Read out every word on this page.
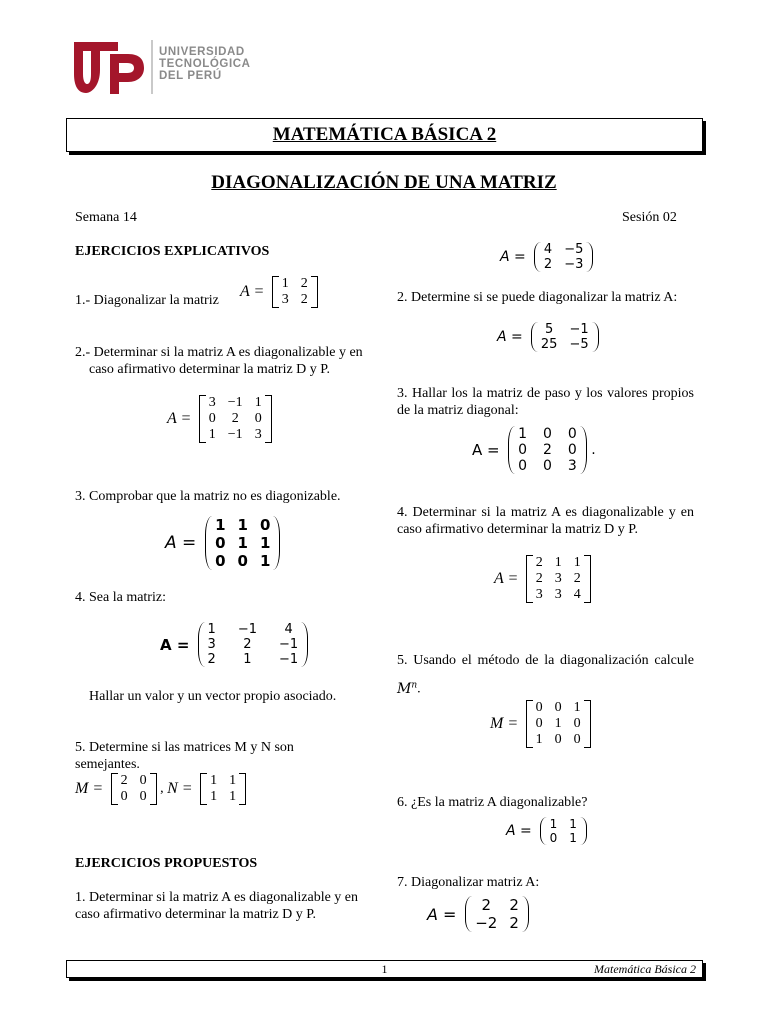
UNIVERSIDAD
TECNOLÓGICA
DEL PERÚ
MATEMÁTICA BÁSICA 2
DIAGONALIZACIÓN DE UNA MATRIZ
Semana 14	Sesión 02
EJERCICIOS EXPLICATIVOS
1.- Diagonalizar la matriz
A = 1 2
3 2
2.- Determinar si la matriz A es diagonalizable y en caso afirmativo determinar la matriz D y P.
A =
3 −1 1
0 2 0
1 −1 3
3. Comprobar que la matriz no es diagonizable.
A =
1 1 0
0 1 1
0 0 1
4. Sea la matriz:
A =
1 −1	4
3	2	−1
2	1	−1
Hallar un valor y un vector propio asociado.
5. Determine si las matrices M y N son semejantes.
M = 2 0
0 0
, N = 1 1
1 1
EJERCICIOS PROPUESTOS
1. Determinar si la matriz A es diagonalizable y en caso afirmativo determinar la matriz D y P.
A = 4 −5
2 −3
2. Determine si se puede diagonalizar la matriz A:
A =	5	−1
25 −5
3. Hallar los la matriz de paso y los valores propios de la matriz diagonal:
A =
1 0 0
0 2 0
0 0 3
.
4. Determinar si la matriz A es diagonalizable y en caso afirmativo determinar la matriz D y P.
A =
2 1 1
2 3 2
3 3 4
5. Usando el método de la diagonalización calcule $M^n$.
M =
0 0 1
0 1 0
1 0 0
6. ¿Es la matriz A diagonalizable?
A = 1 1
0 1
7. Diagonalizar matriz A:
A =	2	2
−2 2
1	Matemática Básica 2
